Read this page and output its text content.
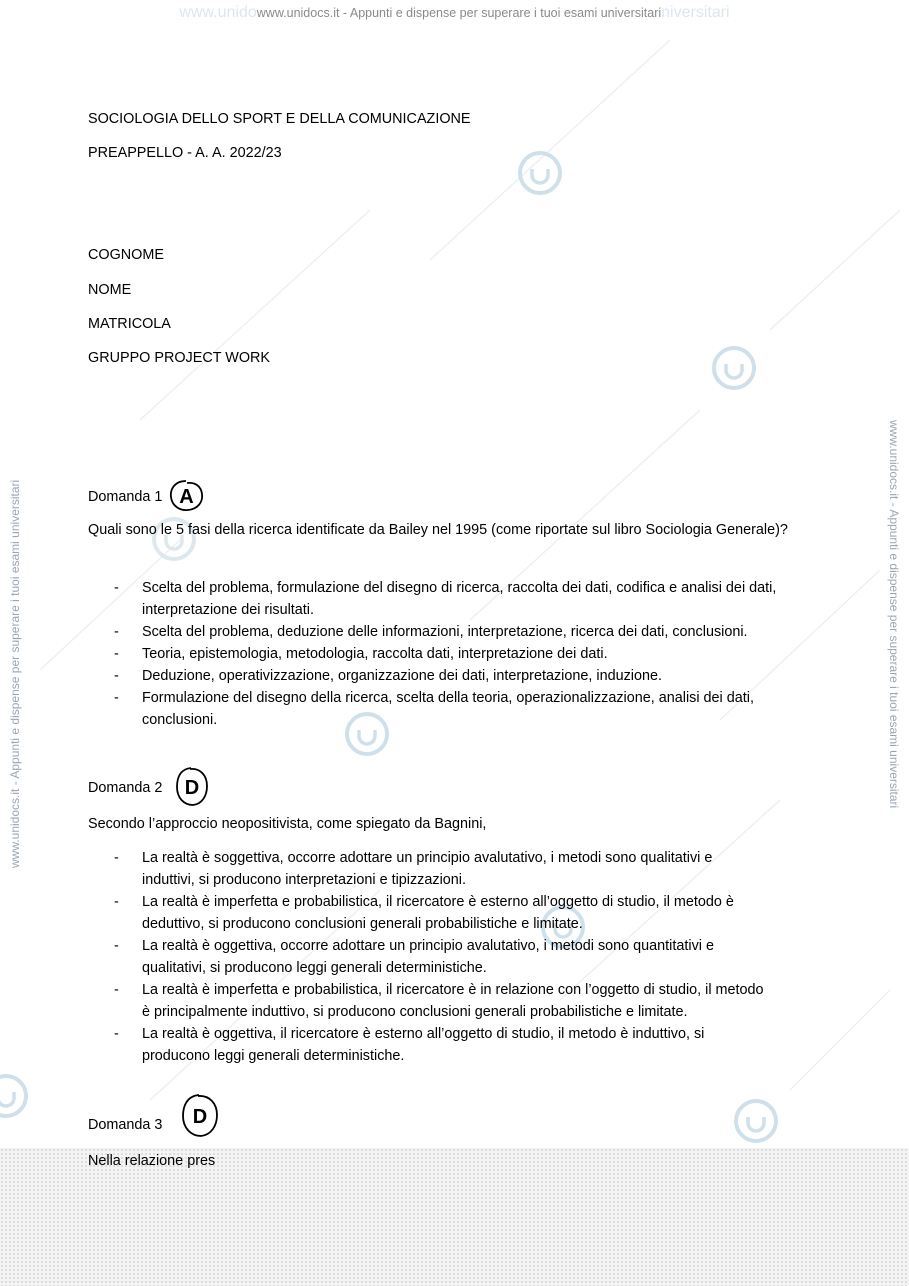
www.unidowww.unidocs.it - Appunti e dispense per superare i tuoi esami universitariniversitari
www.unidocs.it - Appunti e dispense per superare i tuoi esami universitari	www.unidocs.it - Appunti e dispense per superare i tuoi esami universitari
SOCIOLOGIA DELLO SPORT E DELLA COMUNICAZIONE
PREAPPELLO - A. A. 2022/23
COGNOME
NOME
MATRICOLA
GRUPPO PROJECT WORK
Domanda 1 A
Quali sono le 5 fasi della ricerca identificate da Bailey nel 1995 (come riportate sul libro Sociologia Generale)?
- Scelta del problema, formulazione del disegno di ricerca, raccolta dei dati, codifica e analisi dei dati,
interpretazione dei risultati.
- Scelta del problema, deduzione delle informazioni, interpretazione, ricerca dei dati, conclusioni.
- Teoria, epistemologia, metodologia, raccolta dati, interpretazione dei dati.
- Deduzione, operativizzazione, organizzazione dei dati, interpretazione, induzione.
- Formulazione del disegno della ricerca, scelta della teoria, operazionalizzazione, analisi dei dati,
conclusioni.
Domanda 2 D
Secondo l’approccio neopositivista, come spiegato da Bagnini,
- La realtà è soggettiva, occorre adottare un principio avalutativo, i metodi sono qualitativi e
induttivi, si producono interpretazioni e tipizzazioni.
- La realtà è imperfetta e probabilistica, il ricercatore è esterno all’oggetto di studio, il metodo è
deduttivo, si producono conclusioni generali probabilistiche e limitate.
- La realtà è oggettiva, occorre adottare un principio avalutativo, i metodi sono quantitativi e
qualitativi, si producono leggi generali deterministiche.
- La realtà è imperfetta e probabilistica, il ricercatore è in relazione con l’oggetto di studio, il metodo
è principalmente induttivo, si producono conclusioni generali probabilistiche e limitate.
- La realtà è oggettiva, il ricercatore è esterno all’oggetto di studio, il metodo è induttivo, si
producono leggi generali deterministiche.
Domanda 3 D
Nella relazione pres
